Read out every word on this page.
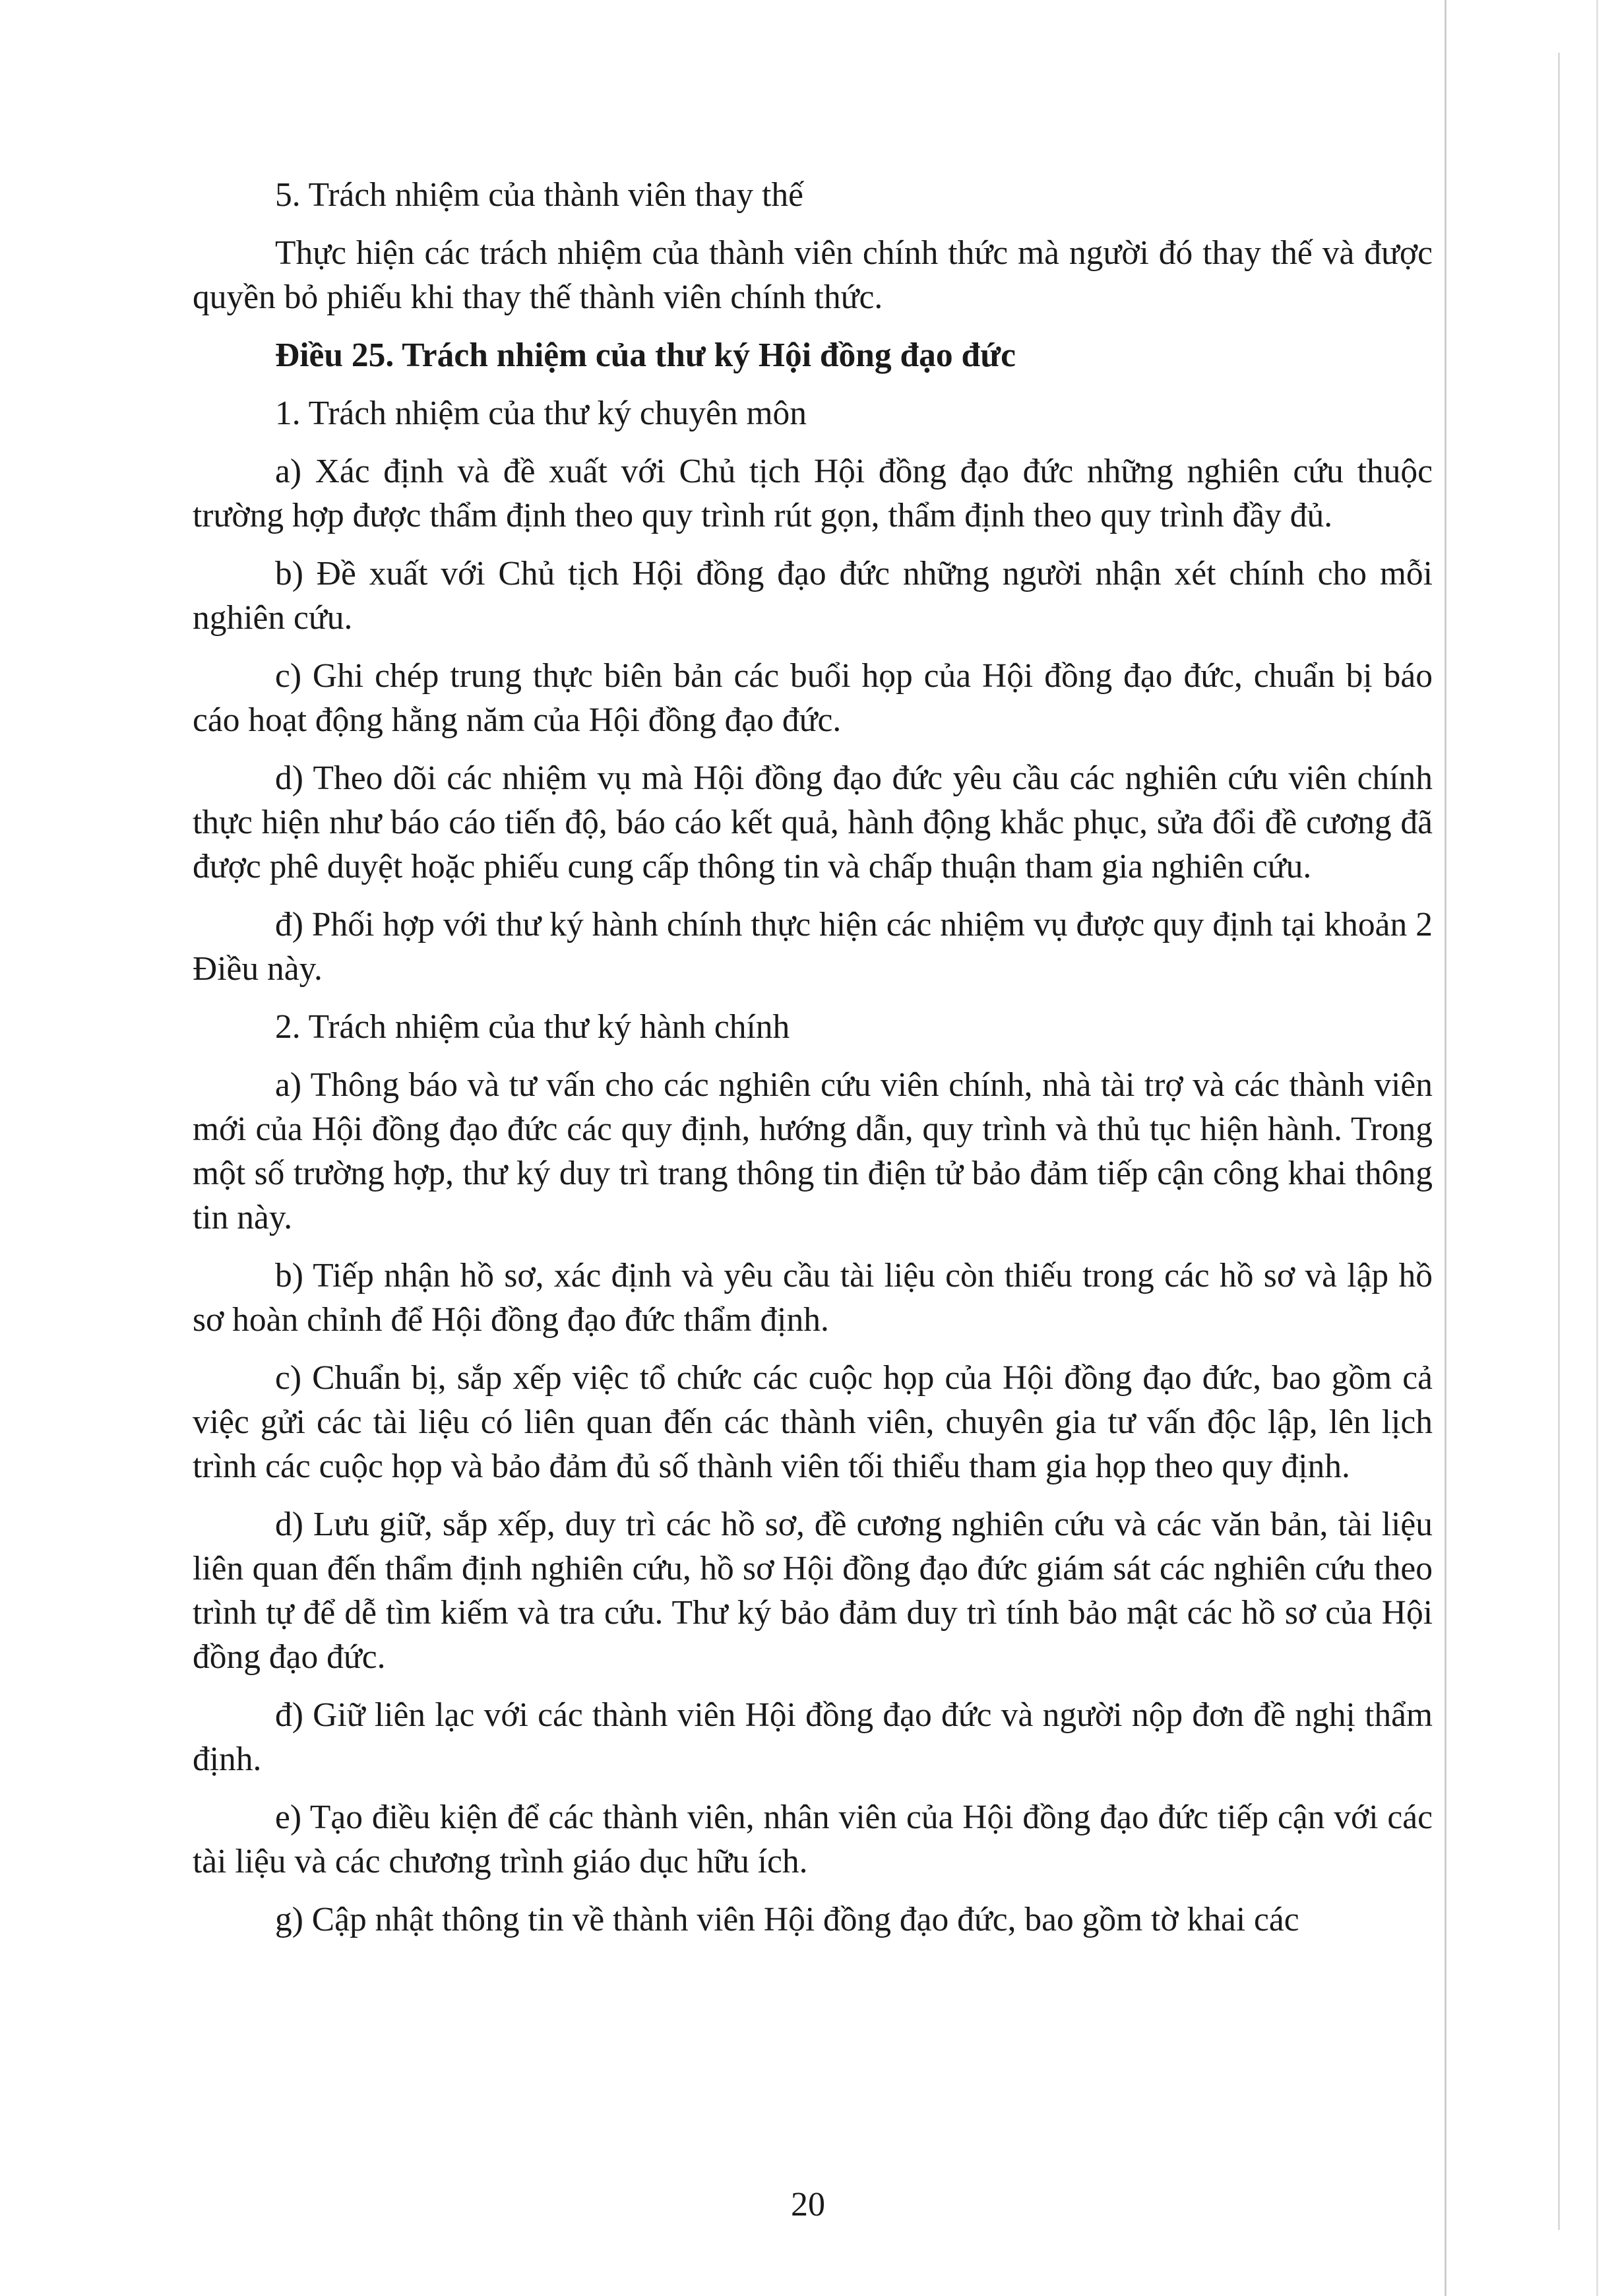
5. Trách nhiệm của thành viên thay thế

Thực hiện các trách nhiệm của thành viên chính thức mà người đó thay thế và được quyền bỏ phiếu khi thay thế thành viên chính thức.

Điều 25. Trách nhiệm của thư ký Hội đồng đạo đức

1. Trách nhiệm của thư ký chuyên môn

a) Xác định và đề xuất với Chủ tịch Hội đồng đạo đức những nghiên cứu thuộc trường hợp được thẩm định theo quy trình rút gọn, thẩm định theo quy trình đầy đủ.

b) Đề xuất với Chủ tịch Hội đồng đạo đức những người nhận xét chính cho mỗi nghiên cứu.

c) Ghi chép trung thực biên bản các buổi họp của Hội đồng đạo đức, chuẩn bị báo cáo hoạt động hằng năm của Hội đồng đạo đức.

d) Theo dõi các nhiệm vụ mà Hội đồng đạo đức yêu cầu các nghiên cứu viên chính thực hiện như báo cáo tiến độ, báo cáo kết quả, hành động khắc phục, sửa đổi đề cương đã được phê duyệt hoặc phiếu cung cấp thông tin và chấp thuận tham gia nghiên cứu.

đ) Phối hợp với thư ký hành chính thực hiện các nhiệm vụ được quy định tại khoản 2 Điều này.

2. Trách nhiệm của thư ký hành chính

a) Thông báo và tư vấn cho các nghiên cứu viên chính, nhà tài trợ và các thành viên mới của Hội đồng đạo đức các quy định, hướng dẫn, quy trình và thủ tục hiện hành. Trong một số trường hợp, thư ký duy trì trang thông tin điện tử bảo đảm tiếp cận công khai thông tin này.

b) Tiếp nhận hồ sơ, xác định và yêu cầu tài liệu còn thiếu trong các hồ sơ và lập hồ sơ hoàn chỉnh để Hội đồng đạo đức thẩm định.

c) Chuẩn bị, sắp xếp việc tổ chức các cuộc họp của Hội đồng đạo đức, bao gồm cả việc gửi các tài liệu có liên quan đến các thành viên, chuyên gia tư vấn độc lập, lên lịch trình các cuộc họp và bảo đảm đủ số thành viên tối thiểu tham gia họp theo quy định.

d) Lưu giữ, sắp xếp, duy trì các hồ sơ, đề cương nghiên cứu và các văn bản, tài liệu liên quan đến thẩm định nghiên cứu, hồ sơ Hội đồng đạo đức giám sát các nghiên cứu theo trình tự để dễ tìm kiếm và tra cứu. Thư ký bảo đảm duy trì tính bảo mật các hồ sơ của Hội đồng đạo đức.

đ) Giữ liên lạc với các thành viên Hội đồng đạo đức và người nộp đơn đề nghị thẩm định.

e) Tạo điều kiện để các thành viên, nhân viên của Hội đồng đạo đức tiếp cận với các tài liệu và các chương trình giáo dục hữu ích.

g) Cập nhật thông tin về thành viên Hội đồng đạo đức, bao gồm tờ khai các

20
